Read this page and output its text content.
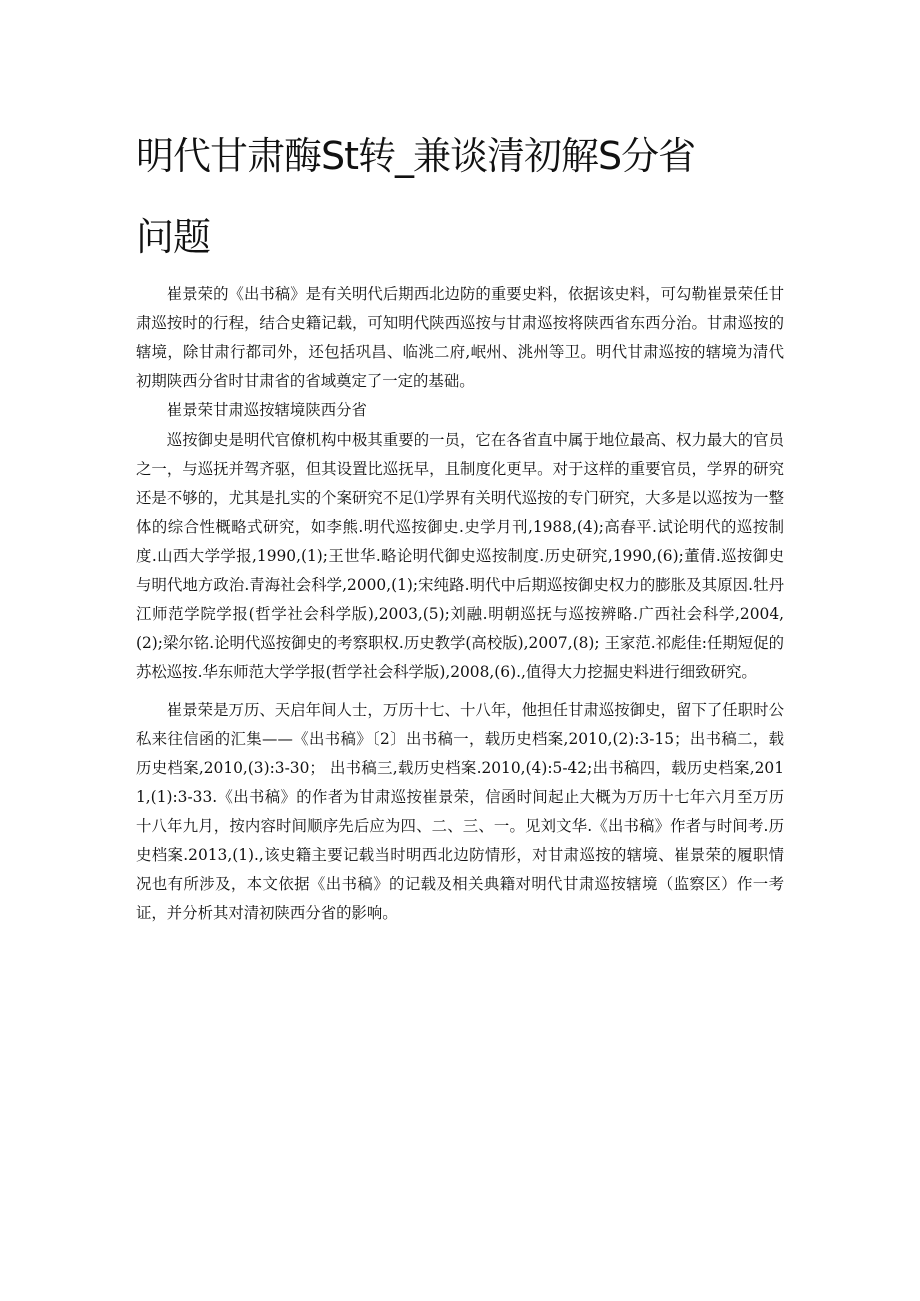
明代甘肃酶St转_兼谈清初解S分省
问题

崔景荣的《出书稿》是有关明代后期西北边防的重要史料，依据该史料，可勾勒崔景荣任甘肃巡按时的行程，结合史籍记载，可知明代陕西巡按与甘肃巡按将陕西省东西分治。甘肃巡按的辖境，除甘肃行都司外，还包括巩昌、临洮二府,岷州、洮州等卫。明代甘肃巡按的辖境为清代初期陕西分省时甘肃省的省域奠定了一定的基础。

崔景荣甘肃巡按辖境陕西分省

巡按御史是明代官僚机构中极其重要的一员，它在各省直中属于地位最高、权力最大的官员之一，与巡抚并驾齐驱，但其设置比巡抚早，且制度化更早。对于这样的重要官员，学界的研究还是不够的，尤其是扎实的个案研究不足⑴学界有关明代巡按的专门研究，大多是以巡按为一整体的综合性概略式研究，如李熊.明代巡按御史.史学月刊,1988,(4);高春平.试论明代的巡按制度.山西大学学报,1990,(1);王世华.略论明代御史巡按制度.历史研究,1990,(6);董倩.巡按御史与明代地方政治.青海社会科学,2000,(1);宋纯路.明代中后期巡按御史权力的膨胀及其原因.牡丹江师范学院学报(哲学社会科学版),2003,(5);刘融.明朝巡抚与巡按辨略.广西社会科学,2004,(2);梁尔铭.论明代巡按御史的考察职权.历史教学(高校版),2007,(8); 王家范.祁彪佳:任期短促的苏松巡按.华东师范大学学报(哲学社会科学版),2008,(6).,值得大力挖掘史料进行细致研究。

崔景荣是万历、天启年间人士，万历十七、十八年，他担任甘肃巡按御史，留下了任职时公私来往信函的汇集——《出书稿》〔2〕出书稿一，载历史档案,2010,(2):3-15；出书稿二，载历史档案,2010,(3):3-30； 出书稿三,载历史档案.2010,(4):5-42;出书稿四，载历史档案,2011,(1):3-33.《出书稿》的作者为甘肃巡按崔景荣，信函时间起止大概为万历十七年六月至万历十八年九月，按内容时间顺序先后应为四、二、三、一。见刘文华.《出书稿》作者与时间考.历史档案.2013,(1).,该史籍主要记载当时明西北边防情形，对甘肃巡按的辖境、崔景荣的履职情况也有所涉及，本文依据《出书稿》的记载及相关典籍对明代甘肃巡按辖境（监察区）作一考证，并分析其对清初陕西分省的影响。
